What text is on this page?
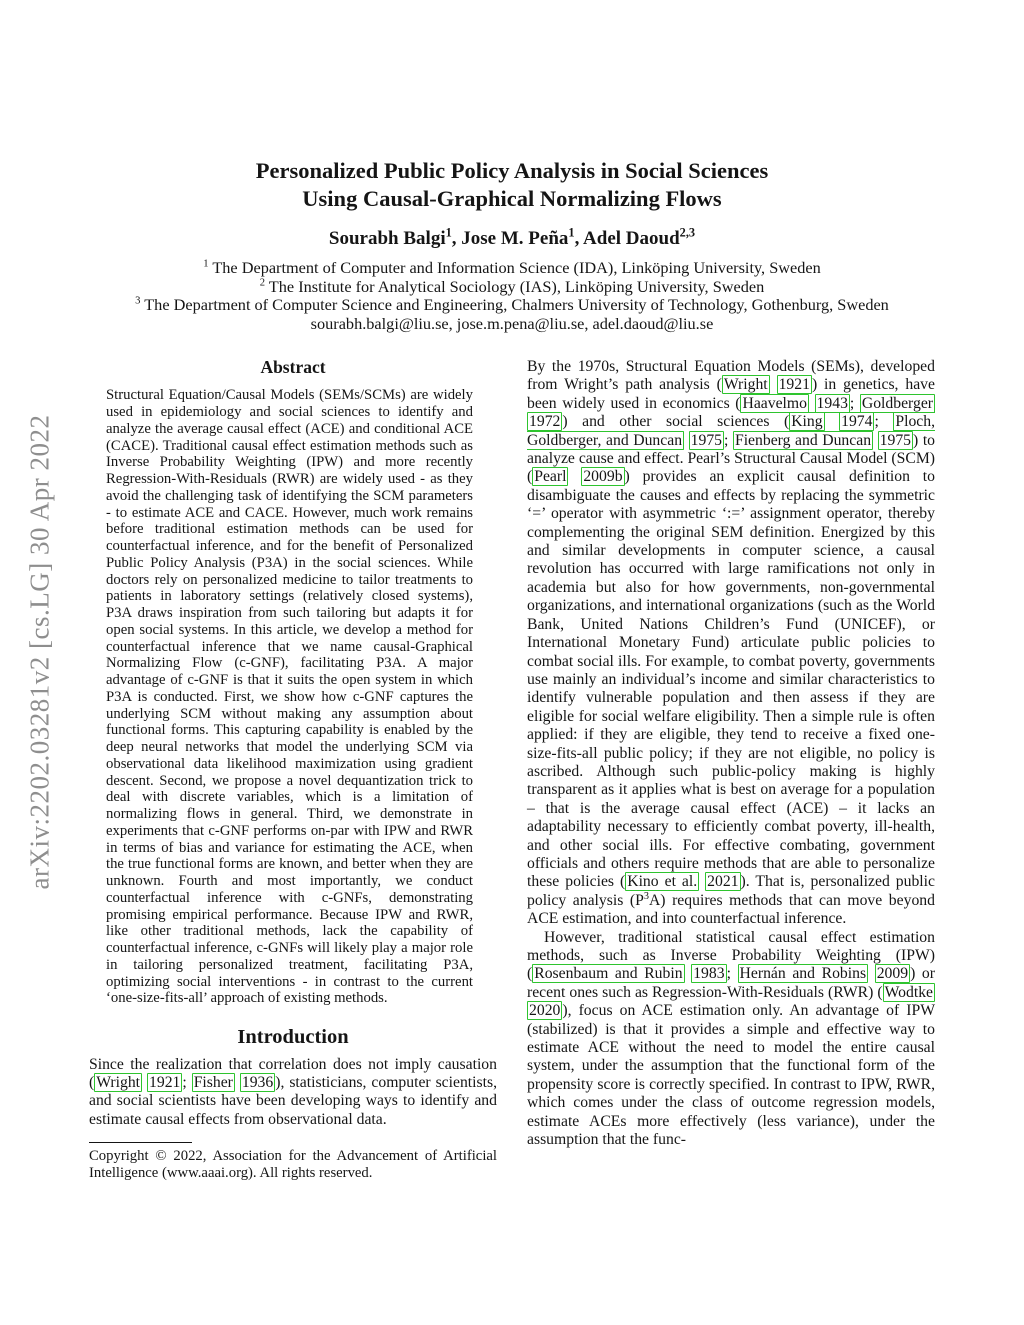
arXiv:2202.03281v2 [cs.LG] 30 Apr 2022
Personalized Public Policy Analysis in Social Sciences
Using Causal-Graphical Normalizing Flows
Sourabh Balgi$^1$, Jose M. Peña$^1$, Adel Daoud$^{2,3}$
$^1$ The Department of Computer and Information Science (IDA), Linköping University, Sweden
$^2$ The Institute for Analytical Sociology (IAS), Linköping University, Sweden
$^3$ The Department of Computer Science and Engineering, Chalmers University of Technology, Gothenburg, Sweden
sourabh.balgi@liu.se, jose.m.pena@liu.se, adel.daoud@liu.se
Abstract
Structural Equation/Causal Models (SEMs/SCMs) are widely used in epidemiology and social sciences to identify and analyze the average causal effect (ACE) and conditional ACE (CACE). Traditional causal effect estimation methods such as Inverse Probability Weighting (IPW) and more recently Regression-With-Residuals (RWR) are widely used - as they avoid the challenging task of identifying the SCM parameters - to estimate ACE and CACE. However, much work remains before traditional estimation methods can be used for counterfactual inference, and for the benefit of Personalized Public Policy Analysis (P3A) in the social sciences. While doctors rely on personalized medicine to tailor treatments to patients in laboratory settings (relatively closed systems), P3A draws inspiration from such tailoring but adapts it for open social systems. In this article, we develop a method for counterfactual inference that we name causal-Graphical Normalizing Flow (c-GNF), facilitating P3A. A major advantage of c-GNF is that it suits the open system in which P3A is conducted. First, we show how c-GNF captures the underlying SCM without making any assumption about functional forms. This capturing capability is enabled by the deep neural networks that model the underlying SCM via observational data likelihood maximization using gradient descent. Second, we propose a novel dequantization trick to deal with discrete variables, which is a limitation of normalizing flows in general. Third, we demonstrate in experiments that c-GNF performs on-par with IPW and RWR in terms of bias and variance for estimating the ACE, when the true functional forms are known, and better when they are unknown. Fourth and most importantly, we conduct counterfactual inference with c-GNFs, demonstrating promising empirical performance. Because IPW and RWR, like other traditional methods, lack the capability of counterfactual inference, c-GNFs will likely play a major role in tailoring personalized treatment, facilitating P3A, optimizing social interventions - in contrast to the current ‘one-size-fits-all’ approach of existing methods.
Introduction
Since the realization that correlation does not imply causation ( Wright 1921 ; Fisher 1936 ), statisticians, computer scientists, and social scientists have been developing ways to identify and estimate causal effects from observational data.
Copyright © 2022, Association for the Advancement of Artificial Intelligence (www.aaai.org). All rights reserved.
By the 1970s, Structural Equation Models (SEMs), developed from Wright’s path analysis ( Wright 1921 ) in genetics, have been widely used in economics ( Haavelmo 1943 ; Goldberger 1972 ) and other social sciences ( King 1974 ; Ploch, Goldberger, and Duncan 1975 ; Fienberg and Duncan 1975 ) to analyze cause and effect. Pearl’s Structural Causal Model (SCM) ( Pearl 2009b ) provides an explicit causal definition to disambiguate the causes and effects by replacing the symmetric ‘=’ operator with asymmetric ‘:=’ assignment operator, thereby complementing the original SEM definition. Energized by this and similar developments in computer science, a causal revolution has occurred with large ramifications not only in academia but also for how governments, non-governmental organizations, and international organizations (such as the World Bank, United Nations Children’s Fund (UNICEF), or International Monetary Fund) articulate public policies to combat social ills. For example, to combat poverty, governments use mainly an individual’s income and similar characteristics to identify vulnerable population and then assess if they are eligible for social welfare eligibility. Then a simple rule is often applied: if they are eligible, they tend to receive a fixed one-size-fits-all public policy; if they are not eligible, no policy is ascribed. Although such public-policy making is highly transparent as it applies what is best on average for a population – that is the average causal effect (ACE) – it lacks an adaptability necessary to efficiently combat poverty, ill-health, and other social ills. For effective combating, government officials and others require methods that are able to personalize these policies ( Kino et al. 2021 ). That is, personalized public policy analysis $(P^3A)$ requires methods that can move beyond ACE estimation, and into counterfactual inference.
However, traditional statistical causal effect estimation methods, such as Inverse Probability Weighting (IPW) ( Rosenbaum and Rubin 1983 ; Hernán and Robins 2009 ) or recent ones such as Regression-With-Residuals (RWR) ( Wodtke 2020 ), focus on ACE estimation only. An advantage of IPW (stabilized) is that it provides a simple and effective way to estimate ACE without the need to model the entire causal system, under the assumption that the functional form of the propensity score is correctly specified. In contrast to IPW, RWR, which comes under the class of outcome regression models, estimate ACEs more effectively (less variance), under the assumption that the func-
